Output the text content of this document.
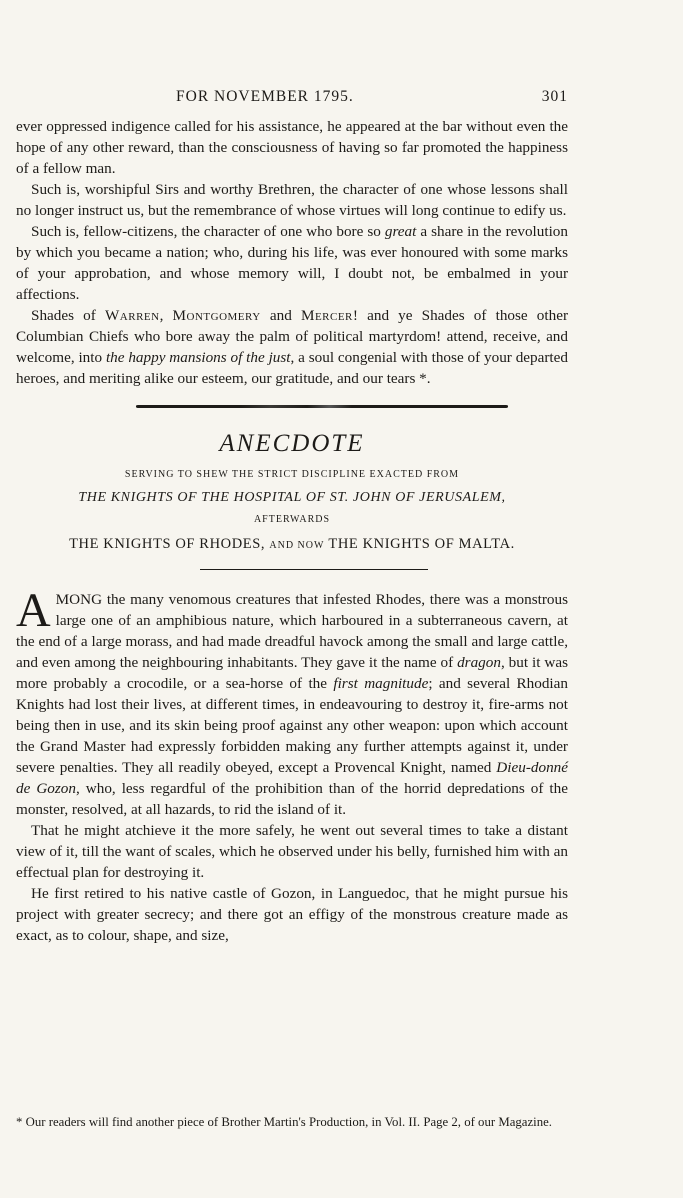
FOR NOVEMBER 1795.	301

ever oppressed indigence called for his assistance, he appeared at the bar without even the hope of any other reward, than the consciousness of having so far promoted the happiness of a fellow man.

Such is, worshipful Sirs and worthy Brethren, the character of one whose lessons shall no longer instruct us, but the remembrance of whose virtues will long continue to edify us.

Such is, fellow-citizens, the character of one who bore so great a share in the revolution by which you became a nation; who, during his life, was ever honoured with some marks of your approbation, and whose memory will, I doubt not, be embalmed in your affections.

Shades of Warren, Montgomery and Mercer! and ye Shades of those other Columbian Chiefs who bore away the palm of political martyrdom! attend, receive, and welcome, into the happy mansions of the just, a soul congenial with those of your departed heroes, and meriting alike our esteem, our gratitude, and our tears *.

ANECDOTE
SERVING TO SHEW THE STRICT DISCIPLINE EXACTED FROM
THE KNIGHTS OF THE HOSPITAL OF ST. JOHN OF JERUSALEM,
AFTERWARDS
THE KNIGHTS OF RHODES, AND NOW THE KNIGHTS OF MALTA.

AMONG the many venomous creatures that infested Rhodes, there was a monstrous large one of an amphibious nature, which harboured in a subterraneous cavern, at the end of a large morass, and had made dreadful havock among the small and large cattle, and even among the neighbouring inhabitants. They gave it the name of dragon, but it was more probably a crocodile, or a sea-horse of the first magnitude; and several Rhodian Knights had lost their lives, at different times, in endeavouring to destroy it, fire-arms not being then in use, and its skin being proof against any other weapon: upon which account the Grand Master had expressly forbidden making any further attempts against it, under severe penalties. They all readily obeyed, except a Provencal Knight, named Dieu-donné de Gozon, who, less regardful of the prohibition than of the horrid depredations of the monster, resolved, at all hazards, to rid the island of it.

That he might atchieve it the more safely, he went out several times to take a distant view of it, till the want of scales, which he observed under his belly, furnished him with an effectual plan for destroying it.

He first retired to his native castle of Gozon, in Languedoc, that he might pursue his project with greater secrecy; and there got an effigy of the monstrous creature made as exact, as to colour, shape, and size,

* Our readers will find another piece of Brother Martin's Production, in Vol. II. Page 2, of our Magazine.
